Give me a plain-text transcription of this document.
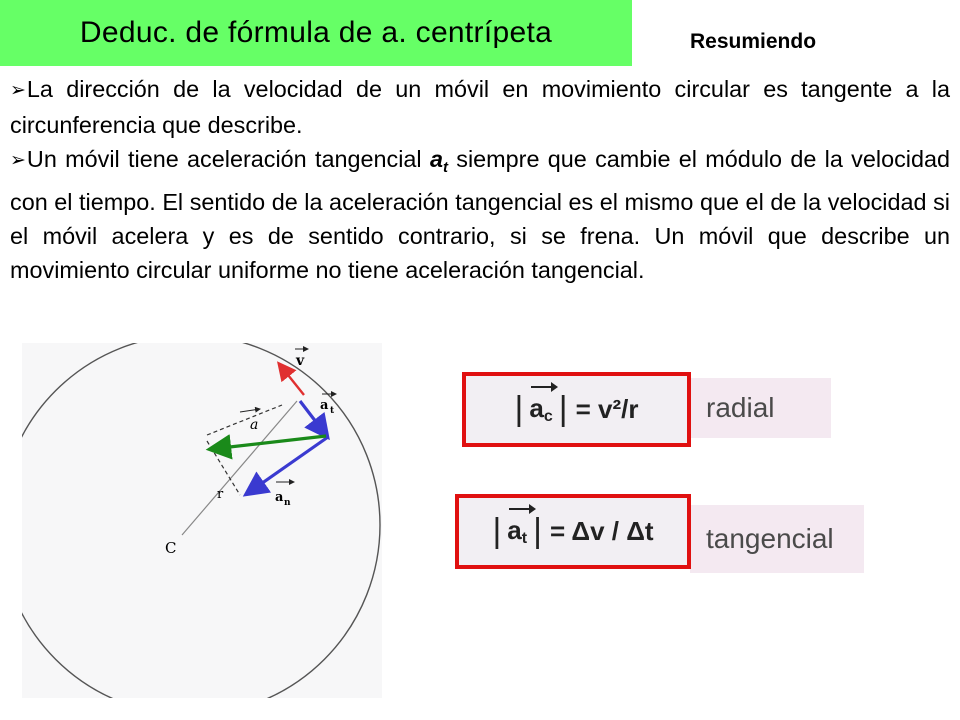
Deduc. de fórmula de a. centrípeta	Resumiendo

➢La dirección de la velocidad de un móvil en movimiento circular es tangente a la circunferencia que describe.

➢Un móvil tiene aceleración tangencial $a_t$ siempre que cambie el módulo de la velocidad con el tiempo. El sentido de la aceleración tangencial es el mismo que el de la velocidad si el móvil acelera y es de sentido contrario, si se frena. Un móvil que describe un movimiento circular uniforme no tiene aceleración tangencial.

v
a t
a
r	a n
C
radial
| ac | = v²/r
tangencial
| at | = Δv / Δt
